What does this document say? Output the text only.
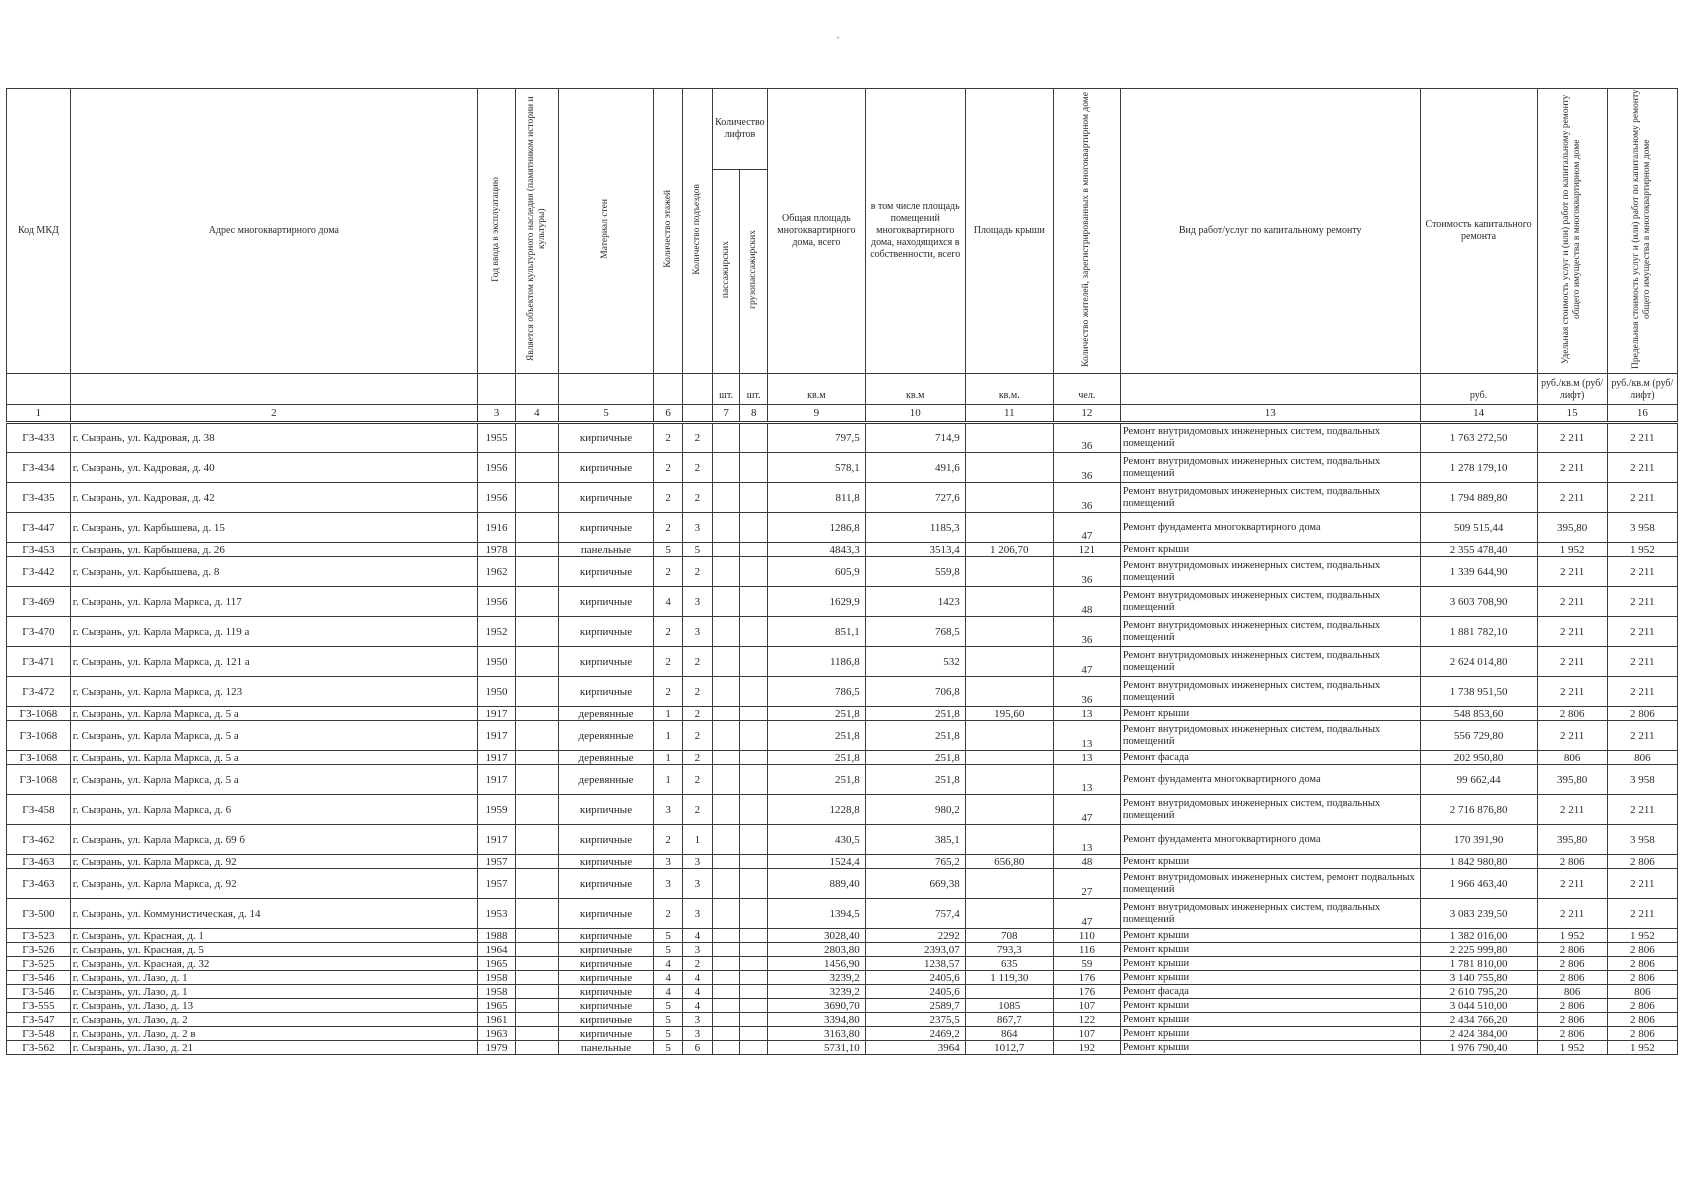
´
Код МКД	Адрес многоквартирного дома	Год ввода в эксплуатацию	Является объектом культурного наследия (памятником истории и культуры)	Материал стен	Количество этажей	Количество подъездов	Количество лифтов		Общая площадь многоквартирного дома, всего	в том числе площадь помещений многоквартирного дома, находящихся в собственности, всего	Площадь крыши	Количество жителей, зарегистрированных в многоквартирном доме	Вид работ/услуг по капитальному ремонту	Стоимость капитального ремонта	Удельная стоимость услуг и (или) работ по капитальному ремонту общего имущества в многоквартирном доме	Предельная стоимость услуг и (или) работ по капитальному ремонту общего имущества в многоквартирном доме
							пассажирских	грузопассажирских								
							шт.	шт.	кв.м	кв.м	кв.м.	чел.		руб.	руб./кв.м (руб/лифт)	руб./кв.м (руб/лифт)
1	2	3	4	5	6		7	8	9	10	11	12	13	14	15	16
ГЗ-433	г. Сызрань, ул. Кадровая, д. 38	1955		кирпичные	2	2			797,5	714,9		36	Ремонт внутридомовых инженерных систем, подвальных помещений	1 763 272,50	2 211	2 211
ГЗ-434	г. Сызрань, ул. Кадровая, д. 40	1956		кирпичные	2	2			578,1	491,6		36	Ремонт внутридомовых инженерных систем, подвальных помещений	1 278 179,10	2 211	2 211
ГЗ-435	г. Сызрань, ул. Кадровая, д. 42	1956		кирпичные	2	2			811,8	727,6		36	Ремонт внутридомовых инженерных систем, подвальных помещений	1 794 889,80	2 211	2 211
ГЗ-447	г. Сызрань, ул. Карбышева, д. 15	1916		кирпичные	2	3			1286,8	1185,3		47	Ремонт фундамента многоквартирного дома	509 515,44	395,80	3 958
ГЗ-453	г. Сызрань, ул. Карбышева, д. 26	1978		панельные	5	5			4843,3	3513,4	1 206,70	121	Ремонт крыши	2 355 478,40	1 952	1 952
ГЗ-442	г. Сызрань, ул. Карбышева, д. 8	1962		кирпичные	2	2			605,9	559,8		36	Ремонт внутридомовых инженерных систем, подвальных помещений	1 339 644,90	2 211	2 211
ГЗ-469	г. Сызрань, ул. Карла Маркса, д. 117	1956		кирпичные	4	3			1629,9	1423		48	Ремонт внутридомовых инженерных систем, подвальных помещений	3 603 708,90	2 211	2 211
ГЗ-470	г. Сызрань, ул. Карла Маркса, д. 119 а	1952		кирпичные	2	3			851,1	768,5		36	Ремонт внутридомовых инженерных систем, подвальных помещений	1 881 782,10	2 211	2 211
ГЗ-471	г. Сызрань, ул. Карла Маркса, д. 121 а	1950		кирпичные	2	2			1186,8	532		47	Ремонт внутридомовых инженерных систем, подвальных помещений	2 624 014,80	2 211	2 211
ГЗ-472	г. Сызрань, ул. Карла Маркса, д. 123	1950		кирпичные	2	2			786,5	706,8		36	Ремонт внутридомовых инженерных систем, подвальных помещений	1 738 951,50	2 211	2 211
ГЗ-1068	г. Сызрань, ул. Карла Маркса, д. 5 а	1917		деревянные	1	2			251,8	251,8	195,60	13	Ремонт крыши	548 853,60	2 806	2 806
ГЗ-1068	г. Сызрань, ул. Карла Маркса, д. 5 а	1917		деревянные	1	2			251,8	251,8		13	Ремонт внутридомовых инженерных систем, подвальных помещений	556 729,80	2 211	2 211
ГЗ-1068	г. Сызрань, ул. Карла Маркса, д. 5 а	1917		деревянные	1	2			251,8	251,8		13	Ремонт фасада	202 950,80	806	806
ГЗ-1068	г. Сызрань, ул. Карла Маркса, д. 5 а	1917		деревянные	1	2			251,8	251,8		13	Ремонт фундамента многоквартирного дома	99 662,44	395,80	3 958
ГЗ-458	г. Сызрань, ул. Карла Маркса, д. 6	1959		кирпичные	3	2			1228,8	980,2		47	Ремонт внутридомовых инженерных систем, подвальных помещений	2 716 876,80	2 211	2 211
ГЗ-462	г. Сызрань, ул. Карла Маркса, д. 69 б	1917		кирпичные	2	1			430,5	385,1		13	Ремонт фундамента многоквартирного дома	170 391,90	395,80	3 958
ГЗ-463	г. Сызрань, ул. Карла Маркса, д. 92	1957		кирпичные	3	3			1524,4	765,2	656,80	48	Ремонт крыши	1 842 980,80	2 806	2 806
ГЗ-463	г. Сызрань, ул. Карла Маркса, д. 92	1957		кирпичные	3	3			889,40	669,38		27	Ремонт внутридомовых инженерных систем, ремонт подвальных помещений	1 966 463,40	2 211	2 211
ГЗ-500	г. Сызрань, ул. Коммунистическая, д. 14	1953		кирпичные	2	3			1394,5	757,4		47	Ремонт внутридомовых инженерных систем, подвальных помещений	3 083 239,50	2 211	2 211
ГЗ-523	г. Сызрань, ул. Красная, д. 1	1988		кирпичные	5	4			3028,40	2292	708	110	Ремонт крыши	1 382 016,00	1 952	1 952
ГЗ-526	г. Сызрань, ул. Красная, д. 5	1964		кирпичные	5	3			2803,80	2393,07	793,3	116	Ремонт крыши	2 225 999,80	2 806	2 806
ГЗ-525	г. Сызрань, ул. Красная, д. 32	1965		кирпичные	4	2			1456,90	1238,57	635	59	Ремонт крыши	1 781 810,00	2 806	2 806
ГЗ-546	г. Сызрань, ул. Лазо, д. 1	1958		кирпичные	4	4			3239,2	2405,6	1 119,30	176	Ремонт крыши	3 140 755,80	2 806	2 806
ГЗ-546	г. Сызрань, ул. Лазо, д. 1	1958		кирпичные	4	4			3239,2	2405,6		176	Ремонт фасада	2 610 795,20	806	806
ГЗ-555	г. Сызрань, ул. Лазо, д. 13	1965		кирпичные	5	4			3690,70	2589,7	1085	107	Ремонт крыши	3 044 510,00	2 806	2 806
ГЗ-547	г. Сызрань, ул. Лазо, д. 2	1961		кирпичные	5	3			3394,80	2375,5	867,7	122	Ремонт крыши	2 434 766,20	2 806	2 806
ГЗ-548	г. Сызрань, ул. Лазо, д. 2 в	1963		кирпичные	5	3			3163,80	2469,2	864	107	Ремонт крыши	2 424 384,00	2 806	2 806
ГЗ-562	г. Сызрань, ул. Лазо, д. 21	1979		панельные	5	6			5731,10	3964	1012,7	192	Ремонт крыши	1 976 790,40	1 952	1 952
